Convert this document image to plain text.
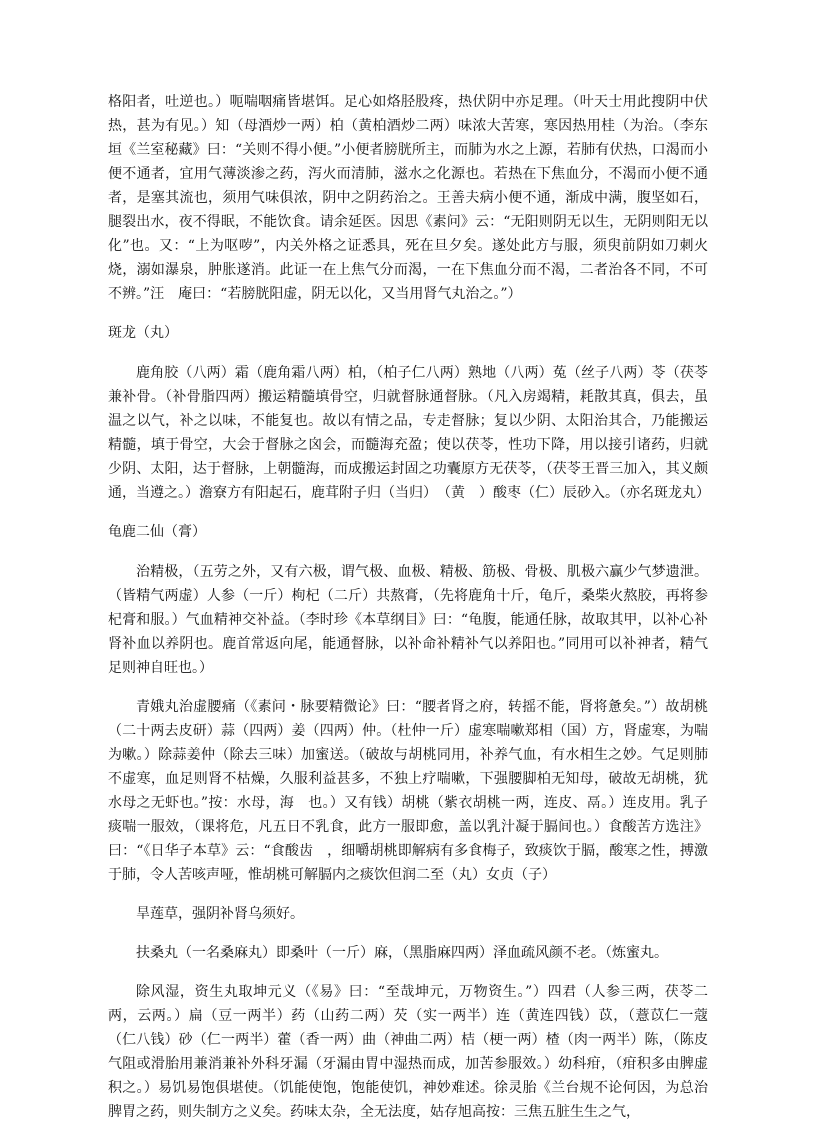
格阳者，吐逆也。）呃喘咽痛皆堪饵。足心如烙胫股疼，热伏阴中亦足理。（叶天士用此搜阴中伏热，甚为有见。）知（母酒炒一两）柏（黄柏酒炒二两）味浓大苦寒，寒因热用桂（为治。（李东垣《兰室秘藏》曰：“关则不得小便。”小便者膀胱所主，而肺为水之上源，若肺有伏热，口渴而小便不通者，宜用气薄淡渗之药，泻火而清肺，滋水之化源也。若热在下焦血分，不渴而小便不通者，是塞其流也，须用气味俱浓，阴中之阴药治之。王善夫病小便不通，渐成中满，腹坚如石，腿裂出水，夜不得眠，不能饮食。请余延医。因思《素问》云：“无阳则阴无以生，无阴则阳无以化”也。又：“上为呕哕”，内关外格之证悉具，死在旦夕矣。遂处此方与服，须臾前阴如刀刺火烧，溺如瀑泉，肿胀遂消。此证一在上焦气分而渴，一在下焦血分而不渴，二者治各不同，不可不辨。”汪　庵曰：“若膀胱阳虚，阴无以化，又当用肾气丸治之。”）

斑龙（丸）

鹿角胶（八两）霜（鹿角霜八两）柏，（柏子仁八两）熟地（八两）菟（丝子八两）苓（茯苓兼补骨。（补骨脂四两）搬运精髓填骨空，归就督脉通督脉。（凡入房竭精，耗散其真，俱去，虽温之以气，补之以味，不能复也。故以有情之品，专走督脉；复以少阴、太阳治其合，乃能搬运精髓，填于骨空，大会于督脉之囟会，而髓海充盈；使以茯苓，性功下降，用以接引诸药，归就少阴、太阳，达于督脉，上朝髓海，而成搬运封固之功囊原方无茯苓，（茯苓王晋三加入，其义颇通，当遵之。）澹寮方有阳起石，鹿茸附子归（当归）　（黄　）酸枣（仁）辰砂入。（亦名斑龙丸）

龟鹿二仙（膏）

治精极，（五劳之外，又有六极，谓气极、血极、精极、筋极、骨极、肌极六赢少气梦遗泄。（皆精气两虚）人参（一斤）枸杞（二斤）共熬膏，（先将鹿角十斤，龟斤，桑柴火熬胶，再将参杞膏和服。）气血精神交补益。（李时珍《本草纲目》曰：“龟腹，能通任脉，故取其甲，以补心补肾补血以养阴也。鹿首常返向尾，能通督脉，以补命补精补气以养阳也。”同用可以补神者，精气足则神自旺也。）

青娥丸治虚腰痛（《素问・脉要精微论》曰：“腰者肾之府，转摇不能，肾将惫矣。”）故胡桃（二十两去皮研）蒜（四两）姜（四两）仲。（杜仲一斤）虚寒喘嗽郑相（国）方，肾虚寒，为喘为嗽。）除蒜姜仲（除去三味）加蜜送。（破故与胡桃同用，补养气血，有水相生之妙。气足则肺不虚寒，血足则肾不枯燥，久服利益甚多，不独上疗喘嗽，下强腰脚柏无知母，破故无胡桃，犹水母之无虾也。”按：水母，海　也。）又有钱）胡桃（紫衣胡桃一两，连皮、鬲。）连皮用。乳子痰喘一服效，（课将危，凡五日不乳食，此方一服即愈，盖以乳汁凝于膈间也。）食酸苦方选注》曰：“《日华子本草》云：“食酸齿　，细嚼胡桃即解病有多食梅子，致痰饮于膈，酸寒之性，搏激于肺，令人苦咳声哑，惟胡桃可解膈内之痰饮但润二至（丸）女贞（子）

旱莲草，强阴补肾乌须好。

扶桑丸（一名桑麻丸）即桑叶（一斤）麻，（黑脂麻四两）泽血疏风颜不老。（炼蜜丸。

除风湿，资生丸取坤元义（《易》曰：“至哉坤元，万物资生。”）四君（人参三两，茯苓二两，云两。）扁（豆一两半）药（山药二两）芡（实一两半）连（黄连四钱）苡，（薏苡仁一蔻（仁八钱）砂（仁一两半）藿（香一两）曲（神曲二两）桔（梗一两）楂（肉一两半）陈，（陈皮气阻或滑胎用兼消兼补外科牙漏（牙漏由胃中湿热而成，加苦参服效。）幼科疳，（疳积多由脾虚积之。）易饥易饱俱堪使。（饥能使饱，饱能使饥，神妙难述。徐灵胎《兰台规不论何因，为总治脾胃之药，则失制方之义矣。药味太杂，全无法度，姑存旭高按：三焦五脏生生之气，
